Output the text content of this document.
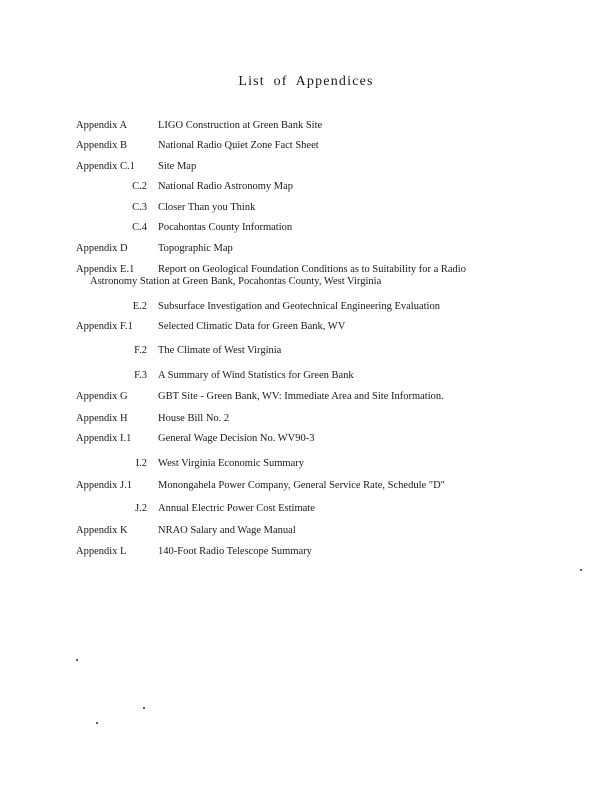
List of Appendices
Appendix A	LIGO Construction at Green Bank Site
Appendix B	National Radio Quiet Zone Fact Sheet
Appendix C.1	Site Map
C.2 National Radio Astronomy Map
C.3 Closer Than you Think
C.4 Pocahontas County Information
Appendix D	Topographic Map
Appendix E.1	Report on Geological Foundation Conditions as to Suitability for a Radio
Astronomy Station at Green Bank, Pocahontas County, West Virginia
E.2 Subsurface Investigation and Geotechnical Engineering Evaluation
Appendix F.1	Selected Climatic Data for Green Bank, WV
F.2 The Climate of West Virginia
F.3 A Summary of Wind Statistics for Green Bank
Appendix G	GBT Site - Green Bank, WV: Immediate Area and Site Information.
Appendix H	House Bill No. 2
Appendix I.1	General Wage Decision No. WV90-3
I.2 West Virginia Economic Summary
Appendix J.1	Monongahela Power Company, General Service Rate, Schedule "D"
J.2 Annual Electric Power Cost Estimate
Appendix K	NRAO Salary and Wage Manual
Appendix L	140-Foot Radio Telescope Summary
